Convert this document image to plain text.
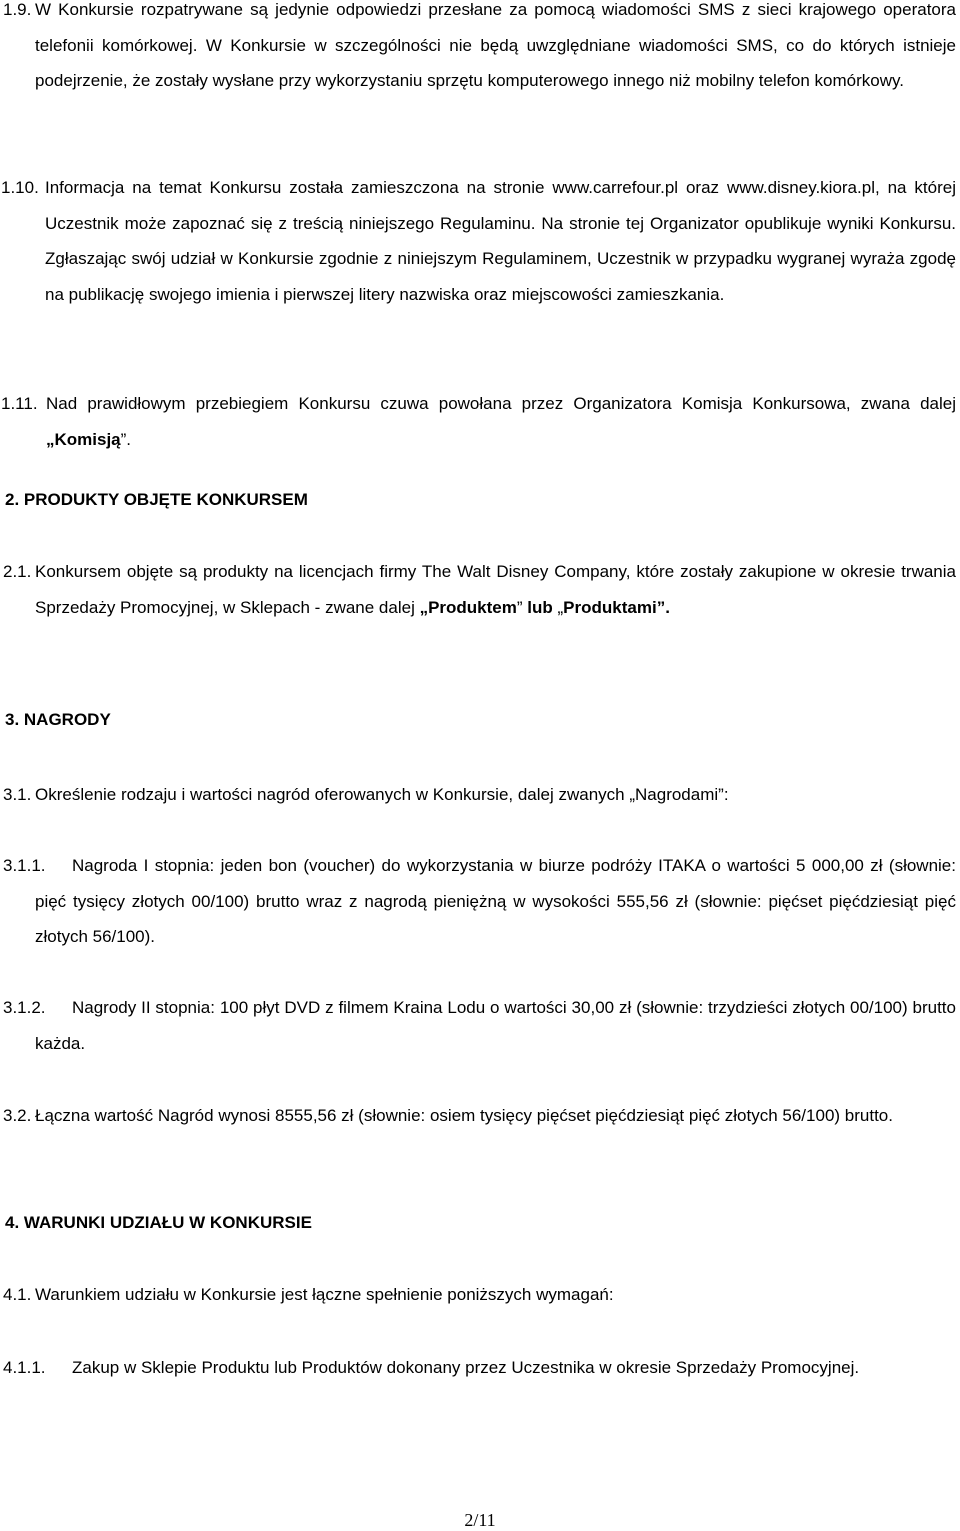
1.9. W Konkursie rozpatrywane są jedynie odpowiedzi przesłane za pomocą wiadomości SMS z sieci krajowego operatora telefonii komórkowej. W Konkursie w szczególności nie będą uwzględniane wiadomości SMS, co do których istnieje podejrzenie, że zostały wysłane przy wykorzystaniu sprzętu komputerowego innego niż mobilny telefon komórkowy.
1.10. Informacja na temat Konkursu została zamieszczona na stronie www.carrefour.pl oraz www.disney.kiora.pl, na której Uczestnik może zapoznać się z treścią niniejszego Regulaminu. Na stronie tej Organizator opublikuje wyniki Konkursu. Zgłaszając swój udział w Konkursie zgodnie z niniejszym Regulaminem, Uczestnik w przypadku wygranej wyraża zgodę na publikację swojego imienia i pierwszej litery nazwiska oraz miejscowości zamieszkania.
1.11. Nad prawidłowym przebiegiem Konkursu czuwa powołana przez Organizatora Komisja Konkursowa, zwana dalej „Komisją”.
2. PRODUKTY OBJĘTE KONKURSEM
2.1. Konkursem objęte są produkty na licencjach firmy The Walt Disney Company, które zostały zakupione w okresie trwania Sprzedaży Promocyjnej, w Sklepach - zwane dalej „Produktem” lub „Produktami”.
3. NAGRODY
3.1. Określenie rodzaju i wartości nagród oferowanych w Konkursie, dalej zwanych „Nagrodami”:
3.1.1.	Nagroda I stopnia: jeden bon (voucher) do wykorzystania w biurze podróży ITAKA o wartości 5 000,00 zł (słownie: pięć tysięcy złotych 00/100) brutto wraz z nagrodą pieniężną w wysokości 555,56 zł (słownie: pięćset pięćdziesiąt pięć złotych 56/100).
3.1.2.	Nagrody II stopnia: 100 płyt DVD z filmem Kraina Lodu o wartości 30,00 zł (słownie: trzydzieści złotych 00/100) brutto każda.
3.2. Łączna wartość Nagród wynosi 8555,56 zł (słownie: osiem tysięcy pięćset pięćdziesiąt pięć złotych 56/100) brutto.
4. WARUNKI UDZIAŁU W KONKURSIE
4.1. Warunkiem udziału w Konkursie jest łączne spełnienie poniższych wymagań:
4.1.1. Zakup w Sklepie Produktu lub Produktów dokonany przez Uczestnika w okresie Sprzedaży Promocyjnej.
2/11
